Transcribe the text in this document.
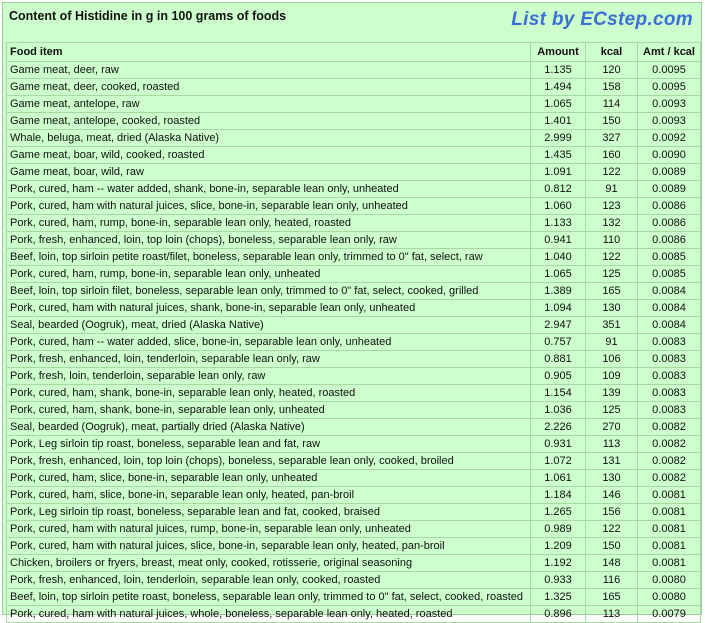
Content of Histidine in g in 100 grams of foods	List by ECstep.com
Food item	Amount	kcal	Amt / kcal
Game meat, deer, raw	1.135	120	0.0095
Game meat, deer, cooked, roasted	1.494	158	0.0095
Game meat, antelope, raw	1.065	114	0.0093
Game meat, antelope, cooked, roasted	1.401	150	0.0093
Whale, beluga, meat, dried (Alaska Native)	2.999	327	0.0092
Game meat, boar, wild, cooked, roasted	1.435	160	0.0090
Game meat, boar, wild, raw	1.091	122	0.0089
Pork, cured, ham -- water added, shank, bone-in, separable lean only, unheated	0.812	91	0.0089
Pork, cured, ham with natural juices, slice, bone-in, separable lean only, unheated	1.060	123	0.0086
Pork, cured, ham, rump, bone-in, separable lean only, heated, roasted	1.133	132	0.0086
Pork, fresh, enhanced, loin, top loin (chops), boneless, separable lean only, raw	0.941	110	0.0086
Beef, loin, top sirloin petite roast/filet, boneless, separable lean only, trimmed to 0" fat, select, raw	1.040	122	0.0085
Pork, cured, ham, rump, bone-in, separable lean only, unheated	1.065	125	0.0085
Beef, loin, top sirloin filet, boneless, separable lean only, trimmed to 0" fat, select, cooked, grilled	1.389	165	0.0084
Pork, cured, ham with natural juices, shank, bone-in, separable lean only, unheated	1.094	130	0.0084
Seal, bearded (Oogruk), meat, dried (Alaska Native)	2.947	351	0.0084
Pork, cured, ham -- water added, slice, bone-in, separable lean only, unheated	0.757	91	0.0083
Pork, fresh, enhanced, loin, tenderloin, separable lean only, raw	0.881	106	0.0083
Pork, fresh, loin, tenderloin, separable lean only, raw	0.905	109	0.0083
Pork, cured, ham, shank, bone-in, separable lean only, heated, roasted	1.154	139	0.0083
Pork, cured, ham, shank, bone-in, separable lean only, unheated	1.036	125	0.0083
Seal, bearded (Oogruk), meat, partially dried (Alaska Native)	2.226	270	0.0082
Pork, Leg sirloin tip roast, boneless, separable lean and fat, raw	0.931	113	0.0082
Pork, fresh, enhanced, loin, top loin (chops), boneless, separable lean only, cooked, broiled	1.072	131	0.0082
Pork, cured, ham, slice, bone-in, separable lean only, unheated	1.061	130	0.0082
Pork, cured, ham, slice, bone-in, separable lean only, heated, pan-broil	1.184	146	0.0081
Pork, Leg sirloin tip roast, boneless, separable lean and fat, cooked, braised	1.265	156	0.0081
Pork, cured, ham with natural juices, rump, bone-in, separable lean only, unheated	0.989	122	0.0081
Pork, cured, ham with natural juices, slice, bone-in, separable lean only, heated, pan-broil	1.209	150	0.0081
Chicken, broilers or fryers, breast, meat only, cooked, rotisserie, original seasoning	1.192	148	0.0081
Pork, fresh, enhanced, loin, tenderloin, separable lean only, cooked, roasted	0.933	116	0.0080
Beef, loin, top sirloin petite roast, boneless, separable lean only, trimmed to 0" fat, select, cooked, roasted	1.325	165	0.0080
Pork, cured, ham with natural juices, whole, boneless, separable lean only, heated, roasted	0.896	113	0.0079
